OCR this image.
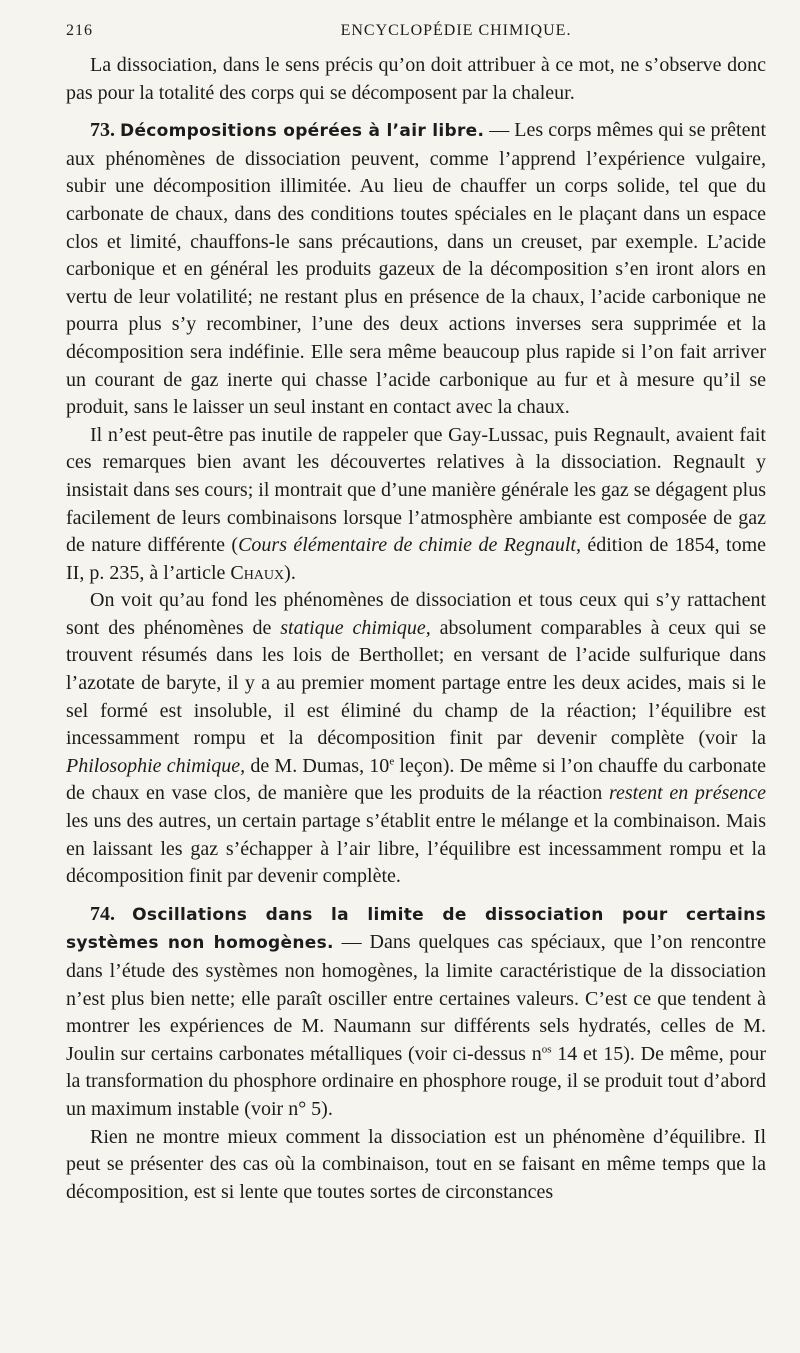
216	ENCYCLOPÉDIE CHIMIQUE.

La dissociation, dans le sens précis qu’on doit attribuer à ce mot, ne s’observe donc pas pour la totalité des corps qui se décomposent par la chaleur.

73. Décompositions opérées à l’air libre. — Les corps mêmes qui se prêtent aux phénomènes de dissociation peuvent, comme l’apprend l’expérience vulgaire, subir une décomposition illimitée. Au lieu de chauffer un corps solide, tel que du carbonate de chaux, dans des conditions toutes spéciales en le plaçant dans un espace clos et limité, chauffons-le sans précautions, dans un creuset, par exemple. L’acide carbonique et en général les produits gazeux de la décomposition s’en iront alors en vertu de leur volatilité; ne restant plus en présence de la chaux, l’acide carbonique ne pourra plus s’y recombiner, l’une des deux actions inverses sera supprimée et la décomposition sera indéfinie. Elle sera même beaucoup plus rapide si l’on fait arriver un courant de gaz inerte qui chasse l’acide carbonique au fur et à mesure qu’il se produit, sans le laisser un seul instant en contact avec la chaux.

Il n’est peut-être pas inutile de rappeler que Gay-Lussac, puis Regnault, avaient fait ces remarques bien avant les découvertes relatives à la dissociation. Regnault y insistait dans ses cours; il montrait que d’une manière générale les gaz se dégagent plus facilement de leurs combinaisons lorsque l’atmosphère ambiante est composée de gaz de nature différente (Cours élémentaire de chimie de Regnault, édition de 1854, tome II, p. 235, à l’article Chaux).

On voit qu’au fond les phénomènes de dissociation et tous ceux qui s’y rattachent sont des phénomènes de statique chimique, absolument comparables à ceux qui se trouvent résumés dans les lois de Berthollet; en versant de l’acide sulfurique dans l’azotate de baryte, il y a au premier moment partage entre les deux acides, mais si le sel formé est insoluble, il est éliminé du champ de la réaction; l’équilibre est incessamment rompu et la décomposition finit par devenir complète (voir la Philosophie chimique, de M. Dumas, 10e leçon). De même si l’on chauffe du carbonate de chaux en vase clos, de manière que les produits de la réaction restent en présence les uns des autres, un certain partage s’établit entre le mélange et la combinaison. Mais en laissant les gaz s’échapper à l’air libre, l’équilibre est incessamment rompu et la décomposition finit par devenir complète.

74. Oscillations dans la limite de dissociation pour certains systèmes non homogènes. — Dans quelques cas spéciaux, que l’on rencontre dans l’étude des systèmes non homogènes, la limite caractéristique de la dissociation n’est plus bien nette; elle paraît osciller entre certaines valeurs. C’est ce que tendent à montrer les expériences de M. Naumann sur différents sels hydratés, celles de M. Joulin sur certains carbonates métalliques (voir ci-dessus $n^{os}$ 14 et 15). De même, pour la transformation du phosphore ordinaire en phosphore rouge, il se produit tout d’abord un maximum instable (voir n° 5).

Rien ne montre mieux comment la dissociation est un phénomène d’équilibre. Il peut se présenter des cas où la combinaison, tout en se faisant en même temps que la décomposition, est si lente que toutes sortes de circonstances
